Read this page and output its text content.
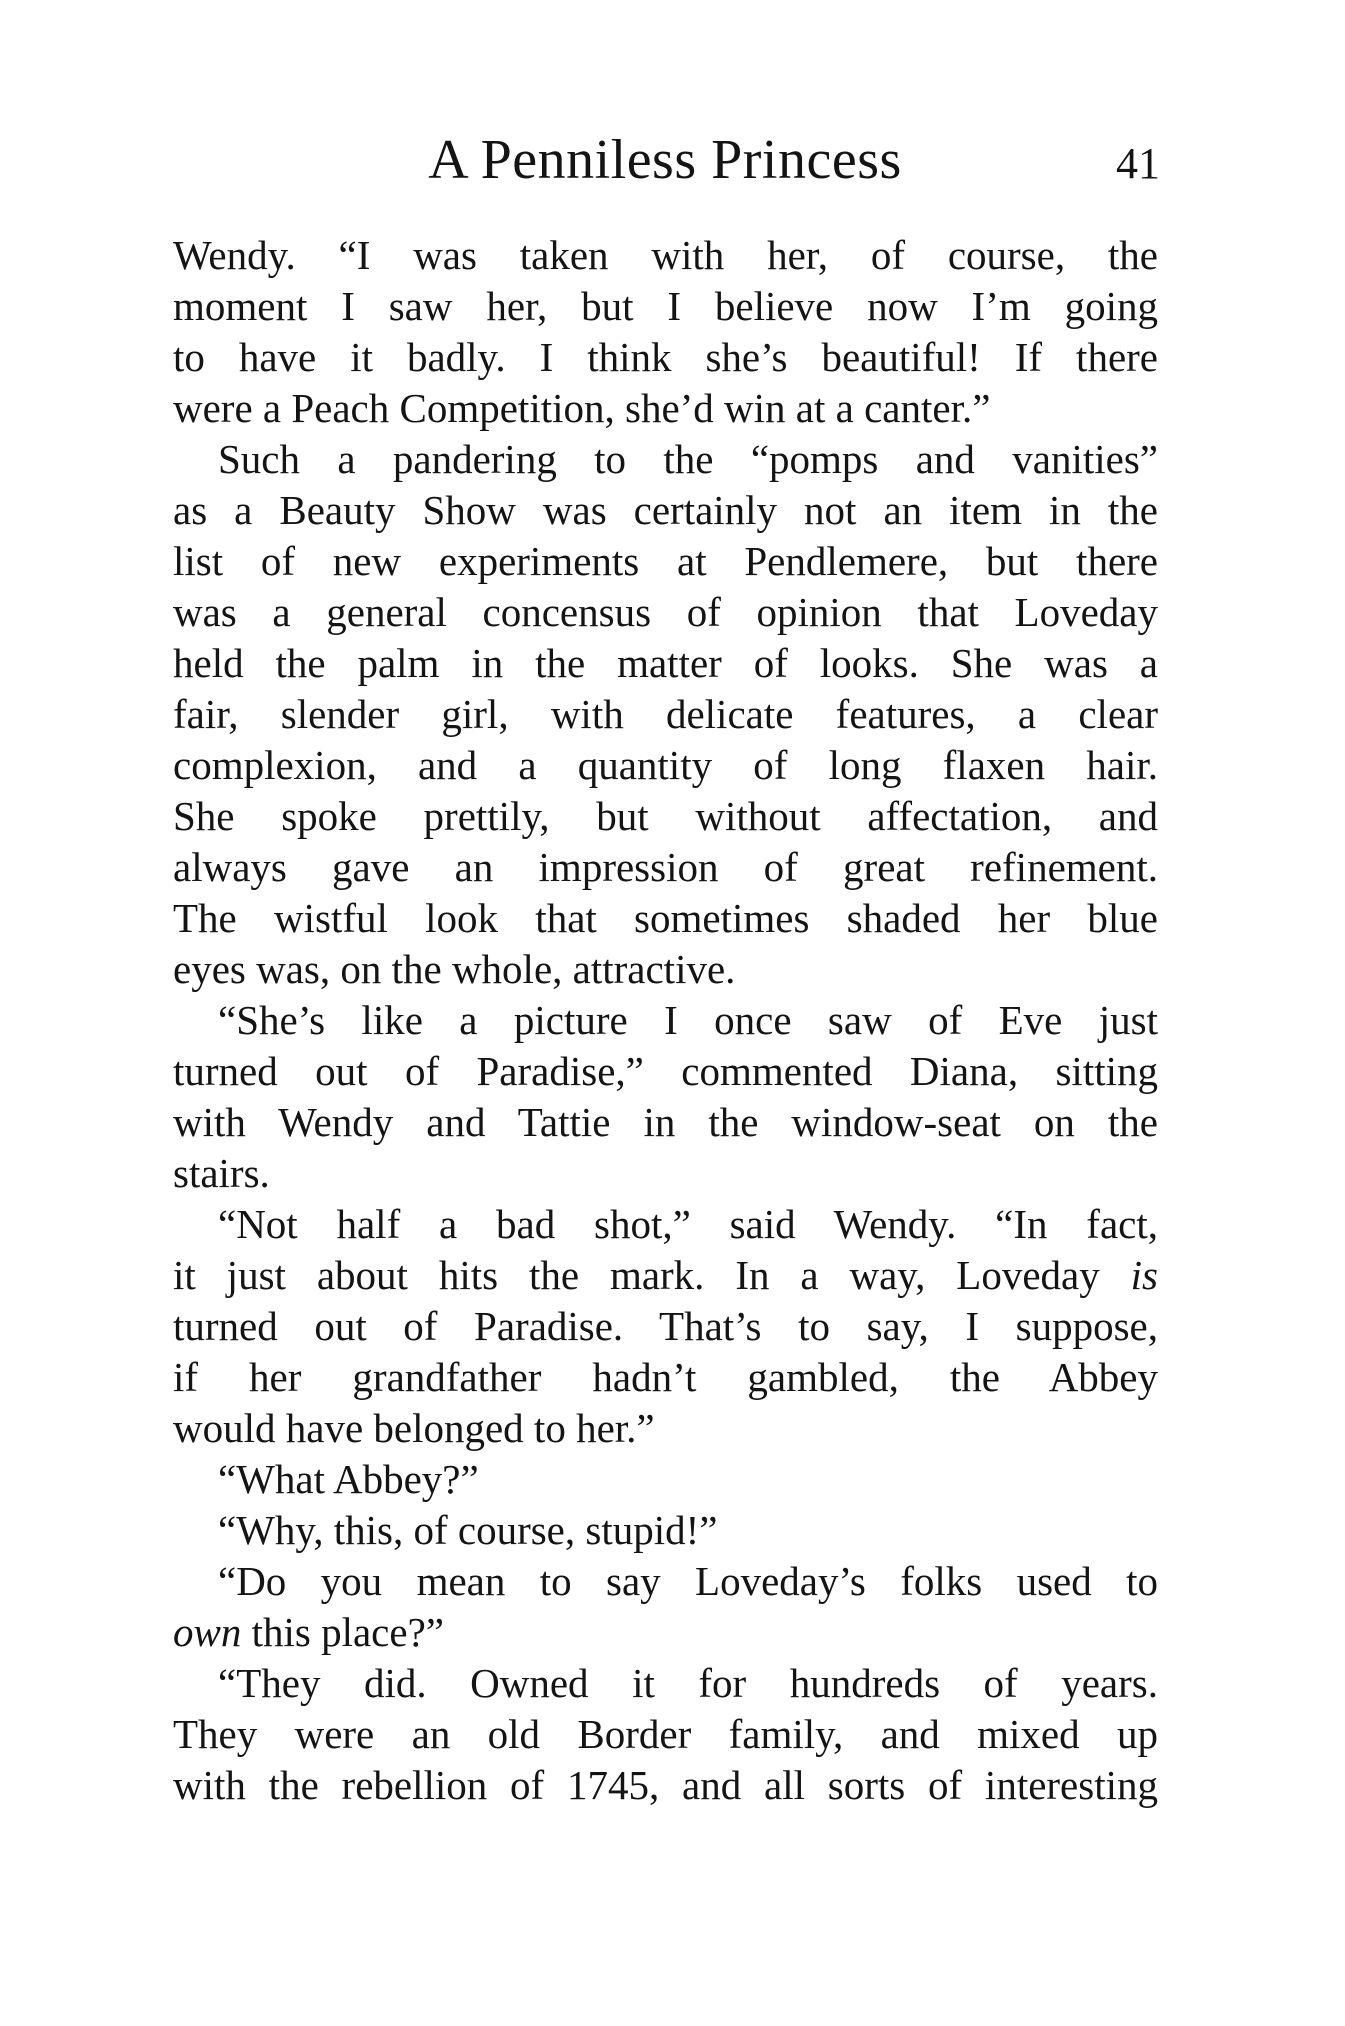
A Penniless Princess	41
Wendy. “I was taken with her, of course, the
moment I saw her, but I believe now I’m going
to have it badly. I think she’s beautiful! If there
were a Peach Competition, she’d win at a canter.”
Such a pandering to the “pomps and vanities”
as a Beauty Show was certainly not an item in the
list of new experiments at Pendlemere, but there
was a general concensus of opinion that Loveday
held the palm in the matter of looks. She was a
fair, slender girl, with delicate features, a clear
complexion, and a quantity of long flaxen hair.
She spoke prettily, but without affectation, and
always gave an impression of great refinement.
The wistful look that sometimes shaded her blue
eyes was, on the whole, attractive.
“She’s like a picture I once saw of Eve just
turned out of Paradise,” commented Diana, sitting
with Wendy and Tattie in the window-seat on the
stairs.
“Not half a bad shot,” said Wendy. “In fact,
it just about hits the mark. In a way, Loveday is
turned out of Paradise. That’s to say, I suppose,
if her grandfather hadn’t gambled, the Abbey
would have belonged to her.”
“What Abbey?”
“Why, this, of course, stupid!”
“Do you mean to say Loveday’s folks used to
own this place?”
“They did. Owned it for hundreds of years.
They were an old Border family, and mixed up
with the rebellion of 1745, and all sorts of interesting
